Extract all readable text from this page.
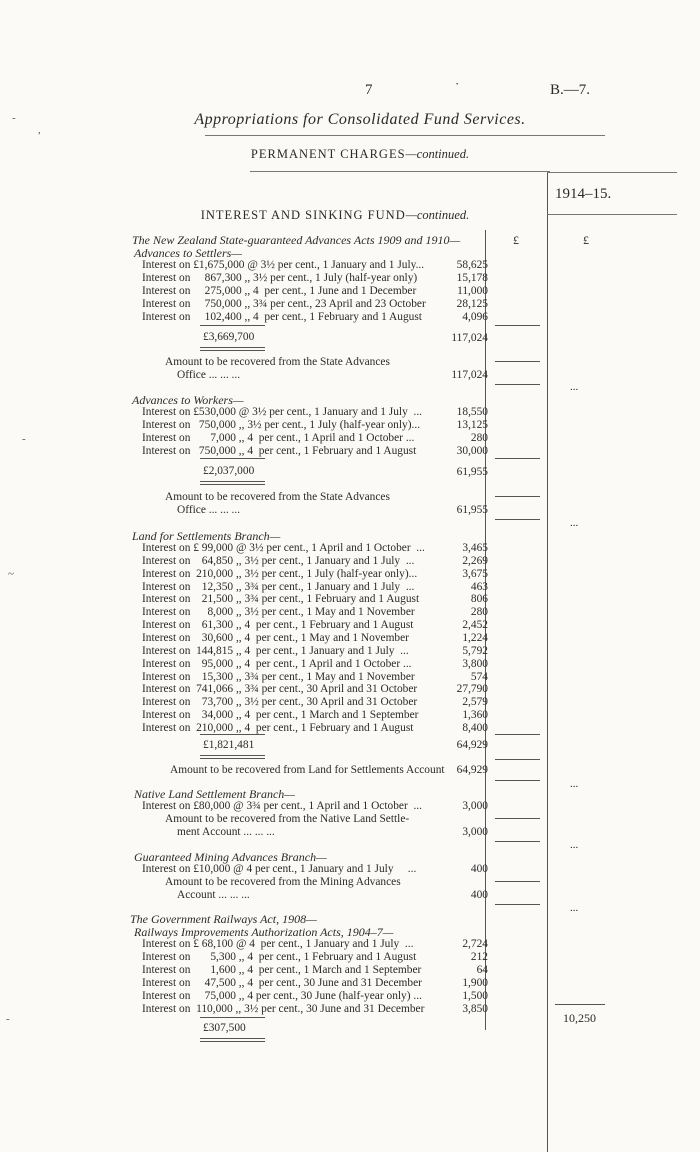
7	·	B.—7.
Appropriations for Consolidated Fund Services.
PERMANENT CHARGES—continued.
1914–15.
INTEREST AND SINKING FUND—continued.
£	£
The New Zealand State-guaranteed Advances Acts 1909 and 1910—
Advances to Settlers—
Interest on £1,675,000 @ 3½ per cent., 1 January and 1 July...	58,625
Interest on     867,300 ,, 3½ per cent., 1 July (half-year only)	15,178
Interest on     275,000 ,, 4  per cent., 1 June and 1 December	11,000
Interest on     750,000 ,, 3¾ per cent., 23 April and 23 October	28,125
Interest on     102,400 ,, 4  per cent., 1 February and 1 August	4,096
£3,669,700	117,024
Amount to be recovered from the State Advances
Office ... ... ...	117,024
...
Advances to Workers—
Interest on £530,000 @ 3½ per cent., 1 January and 1 July  ...	18,550
Interest on   750,000 ,, 3½ per cent., 1 July (half-year only)...	13,125
Interest on       7,000 ,, 4  per cent., 1 April and 1 October ...	280
Interest on   750,000 ,, 4  per cent., 1 February and 1 August	30,000
£2,037,000	61,955
Amount to be recovered from the State Advances
Office ... ... ...	61,955
...
Land for Settlements Branch—
Interest on £ 99,000 @ 3½ per cent., 1 April and 1 October  ...	3,465
Interest on    64,850 ,, 3½ per cent., 1 January and 1 July  ...	2,269
Interest on  210,000 ,, 3½ per cent., 1 July (half-year only)...	3,675
Interest on    12,350 ,, 3¾ per cent., 1 January and 1 July  ...	463
Interest on    21,500 ,, 3¾ per cent., 1 February and 1 August	806
Interest on      8,000 ,, 3½ per cent., 1 May and 1 November	280
Interest on    61,300 ,, 4  per cent., 1 February and 1 August	2,452
Interest on    30,600 ,, 4  per cent., 1 May and 1 November	1,224
Interest on  144,815 ,, 4  per cent., 1 January and 1 July  ...	5,792
Interest on    95,000 ,, 4  per cent., 1 April and 1 October ...	3,800
Interest on    15,300 ,, 3¾ per cent., 1 May and 1 November	574
Interest on  741,066 ,, 3¾ per cent., 30 April and 31 October	27,790
Interest on    73,700 ,, 3½ per cent., 30 April and 31 October	2,579
Interest on    34,000 ,, 4  per cent., 1 March and 1 September	1,360
Interest on  210,000 ,, 4  per cent., 1 February and 1 August	8,400
£1,821,481	64,929
Amount to be recovered from Land for Settlements Account 64,929
...
Native Land Settlement Branch—
Interest on £80,000 @ 3¾ per cent., 1 April and 1 October  ...	3,000
Amount to be recovered from the Native Land Settle-
ment Account ... ... ...	3,000
...
Guaranteed Mining Advances Branch—
Interest on £10,000 @ 4 per cent., 1 January and 1 July     ...	400
Amount to be recovered from the Mining Advances
Account ... ... ...	400
...
The Government Railways Act, 1908—
Railways Improvements Authorization Acts, 1904–7—
Interest on £ 68,100 @ 4  per cent., 1 January and 1 July  ...	2,724
Interest on       5,300 ,, 4  per cent., 1 February and 1 August	212
Interest on       1,600 ,, 4  per cent., 1 March and 1 September	64
Interest on     47,500 ,, 4  per cent., 30 June and 31 December	1,900
Interest on     75,000 ,, 4 per cent., 30 June (half-year only) ...	1,500
Interest on  110,000 ,, 3½ per cent., 30 June and 31 December	3,850
£307,500
10,250
-
,
-
~
-
